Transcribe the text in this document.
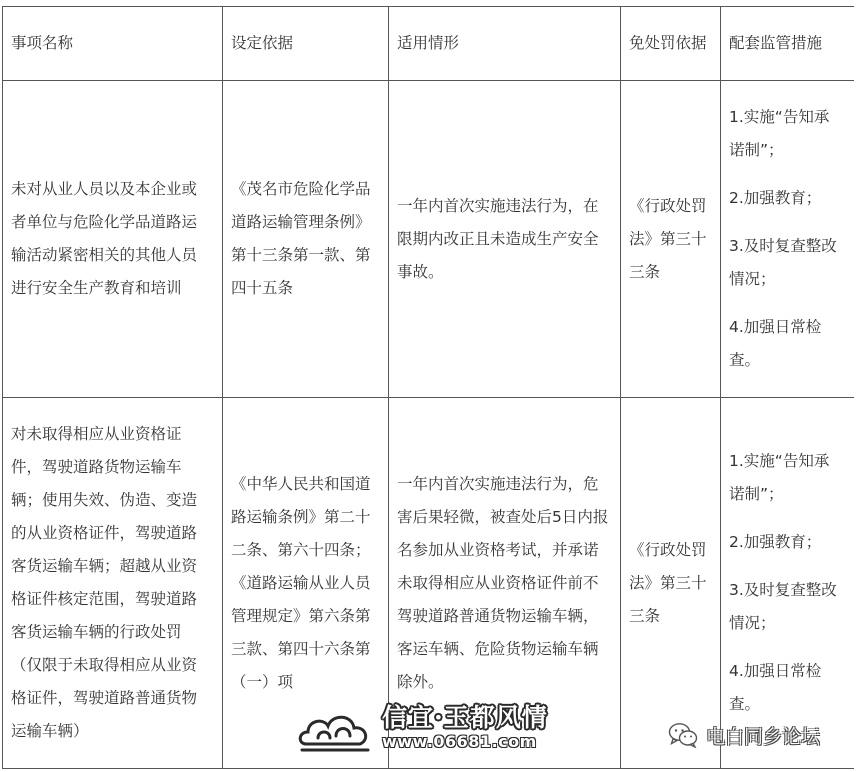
事项名称	设定依据	适用情形	免处罚依据	配套监管措施
未对从业人员以及本企业或者单位与危险化学品道路运输活动紧密相关的其他人员进行安全生产教育和培训	《茂名市危险化学品道路运输管理条例》第十三条第一款、第四十五条	一年内首次实施违法行为，在限期内改正且未造成生产安全事故。	《行政处罚法》第三十三条	1.实施“告知承诺制”；
2.加强教育；
3.及时复查整改情况；
4.加强日常检查。

对未取得相应从业资格证件，驾驶道路货物运输车辆；使用失效、伪造、变造的从业资格证件，驾驶道路客货运输车辆；超越从业资格证件核定范围，驾驶道路客货运输车辆的行政处罚（仅限于未取得相应从业资格证件，驾驶道路普通货物运输车辆）	《中华人民共和国道路运输条例》第二十二条、第六十四条；《道路运输从业人员管理规定》第六条第三款、第四十六条第（一）项	一年内首次实施违法行为，危害后果轻微，被查处后5日内报名参加从业资格考试，并承诺未取得相应从业资格证件前不驾驶道路普通货物运输车辆，客运车辆、危险货物运输车辆除外。	《行政处罚法》第三十三条	1.实施“告知承诺制”；
2.加强教育；
3.及时复查整改情况；
4.加强日常检查。
信宜·玉都风情
www.06681.com	电白同乡论坛
